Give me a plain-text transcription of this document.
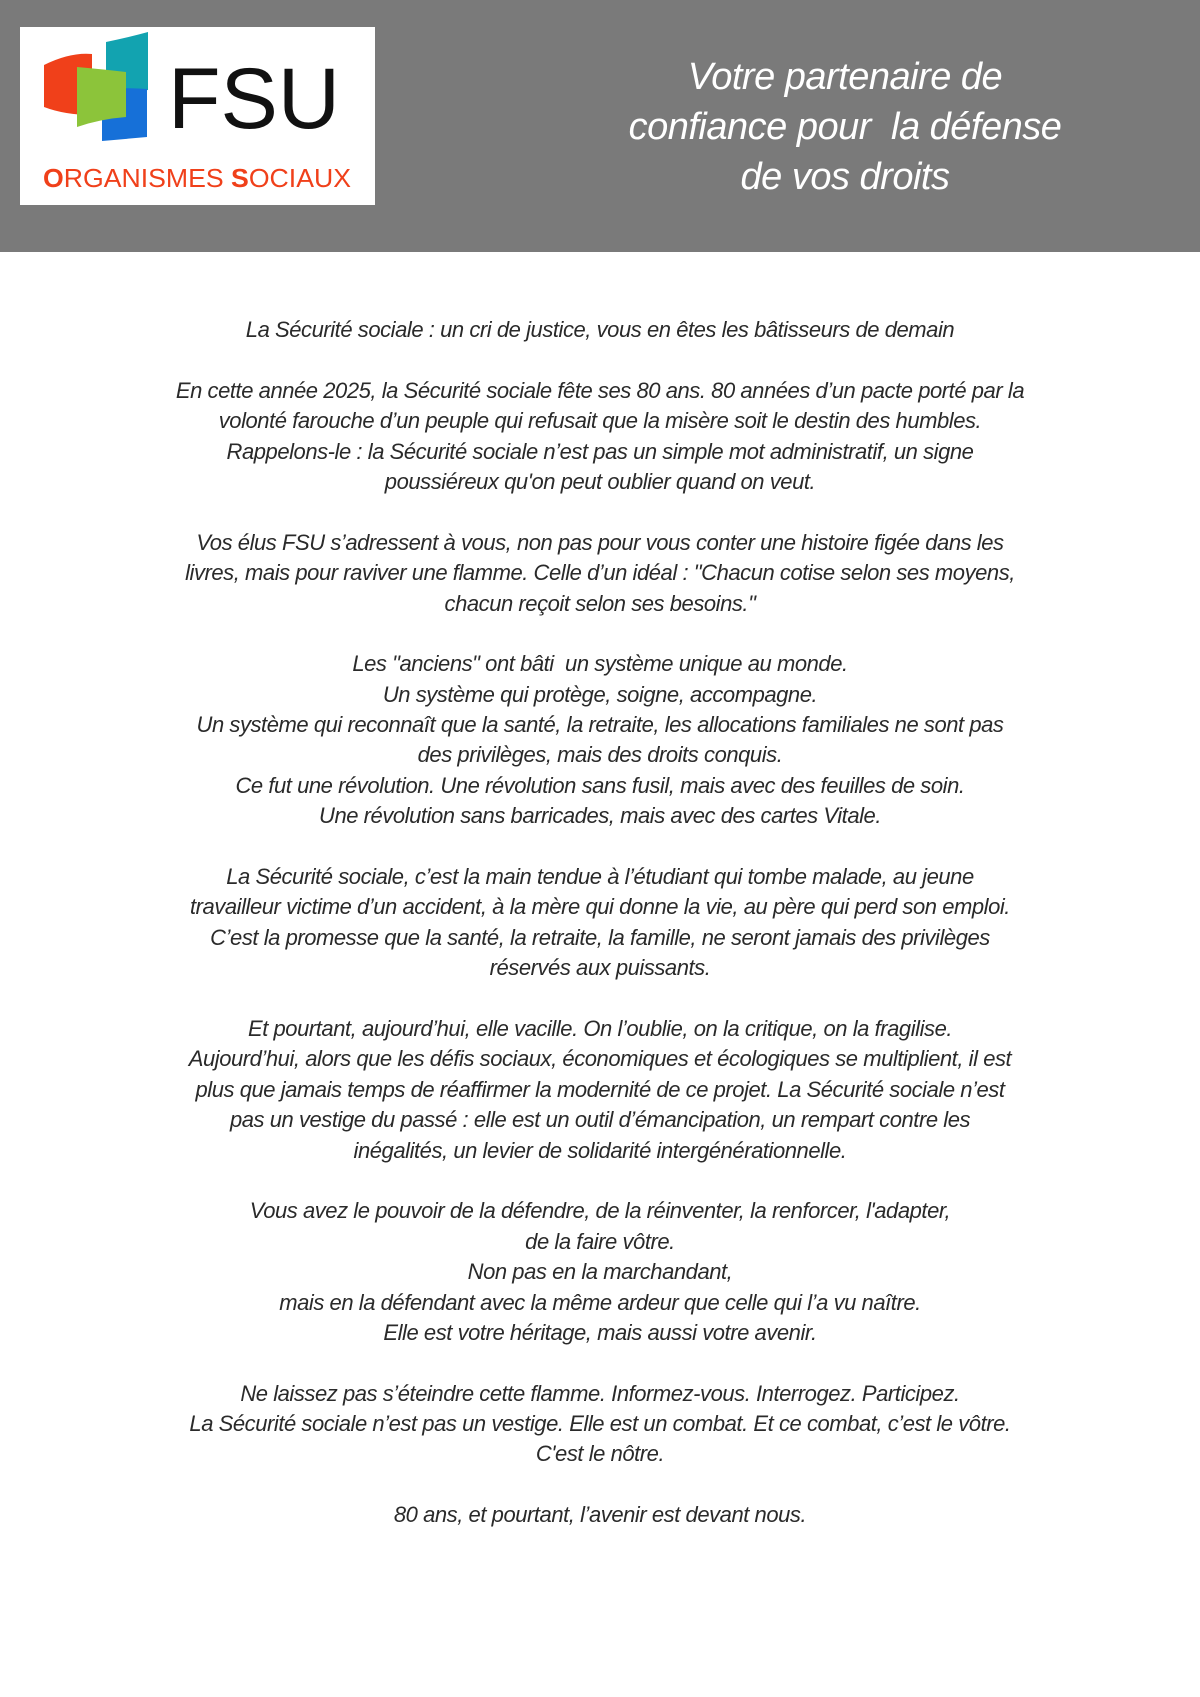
FSU
ORGANISMES SOCIAUX
Votre partenaire de
confiance pour  la défense
de vos droits
La Sécurité sociale : un cri de justice, vous en êtes les bâtisseurs de demain
En cette année 2025, la Sécurité sociale fête ses 80 ans. 80 années d’un pacte porté par la
volonté farouche d’un peuple qui refusait que la misère soit le destin des humbles.
Rappelons-le : la Sécurité sociale n’est pas un simple mot administratif, un signe
poussiéreux qu'on peut oublier quand on veut.
Vos élus FSU s’adressent à vous, non pas pour vous conter une histoire figée dans les
livres, mais pour raviver une flamme. Celle d’un idéal : "Chacun cotise selon ses moyens,
chacun reçoit selon ses besoins."
Les "anciens" ont bâti  un système unique au monde.
Un système qui protège, soigne, accompagne.
Un système qui reconnaît que la santé, la retraite, les allocations familiales ne sont pas
des privilèges, mais des droits conquis.
Ce fut une révolution. Une révolution sans fusil, mais avec des feuilles de soin.
Une révolution sans barricades, mais avec des cartes Vitale.
La Sécurité sociale, c’est la main tendue à l’étudiant qui tombe malade, au jeune
travailleur victime d’un accident, à la mère qui donne la vie, au père qui perd son emploi.
C’est la promesse que la santé, la retraite, la famille, ne seront jamais des privilèges
réservés aux puissants.
Et pourtant, aujourd’hui, elle vacille. On l’oublie, on la critique, on la fragilise.
Aujourd’hui, alors que les défis sociaux, économiques et écologiques se multiplient, il est
plus que jamais temps de réaffirmer la modernité de ce projet. La Sécurité sociale n’est
pas un vestige du passé : elle est un outil d’émancipation, un rempart contre les
inégalités, un levier de solidarité intergénérationnelle.
Vous avez le pouvoir de la défendre, de la réinventer, la renforcer, l'adapter,
de la faire vôtre.
Non pas en la marchandant,
mais en la défendant avec la même ardeur que celle qui l’a vu naître.
Elle est votre héritage, mais aussi votre avenir.
Ne laissez pas s’éteindre cette flamme. Informez-vous. Interrogez. Participez.
La Sécurité sociale n’est pas un vestige. Elle est un combat. Et ce combat, c’est le vôtre.
C'est le nôtre.
80 ans, et pourtant, l’avenir est devant nous.
